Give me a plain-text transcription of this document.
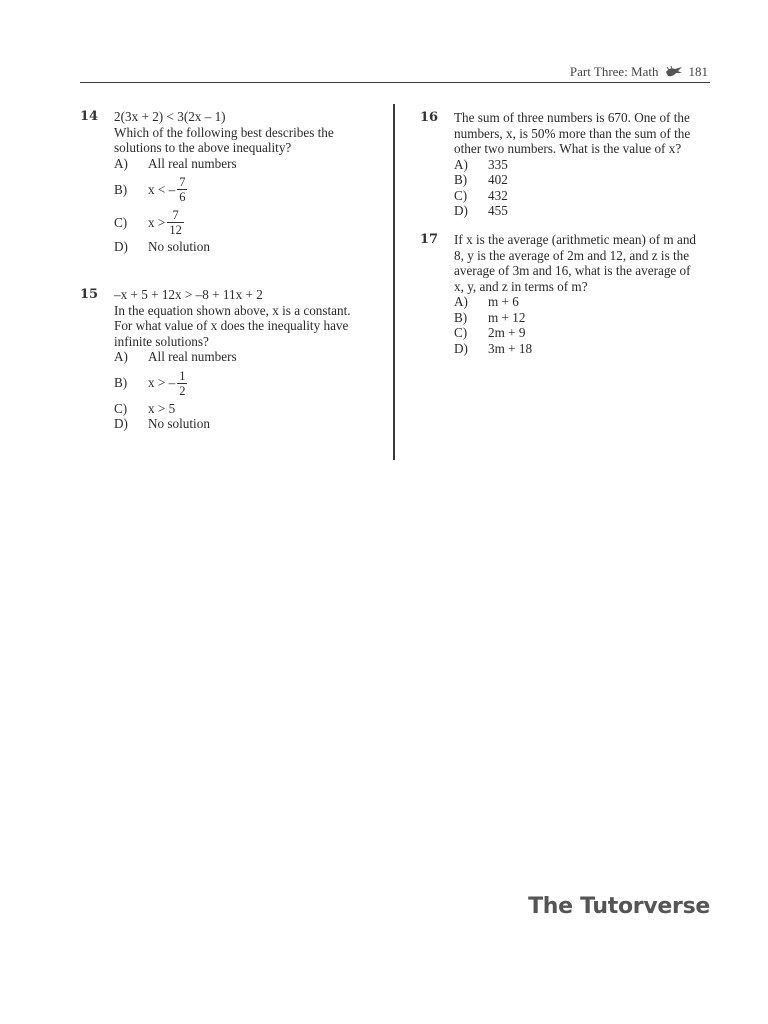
Part Three: Math 181
14 2(3x + 2) < 3(2x – 1)
Which of the following best describes the
solutions to the above inequality?
A)	All real numbers
B)	x < – $\frac{7}{6}$
C)	$x > \frac{7}{12}$
D)	No solution
15 –x + 5 + 12x > –8 + 11x + 2
In the equation shown above, x is a constant.
For what value of x does the inequality have
infinite solutions?
A)	All real numbers
B)	x > – $\frac{1}{2}$
C)	x > 5
D)	No solution
16 The sum of three numbers is 670. One of the
numbers, x, is 50% more than the sum of the
other two numbers. What is the value of x?
A)	335
B)	402
C)	432
D)	455
17 If x is the average (arithmetic mean) of m and
8, y is the average of 2m and 12, and z is the
average of 3m and 16, what is the average of
x, y, and z in terms of m?
A)	m + 6
B)	m + 12
C)	2m + 9
D)	3m + 18
The Tutorverse
